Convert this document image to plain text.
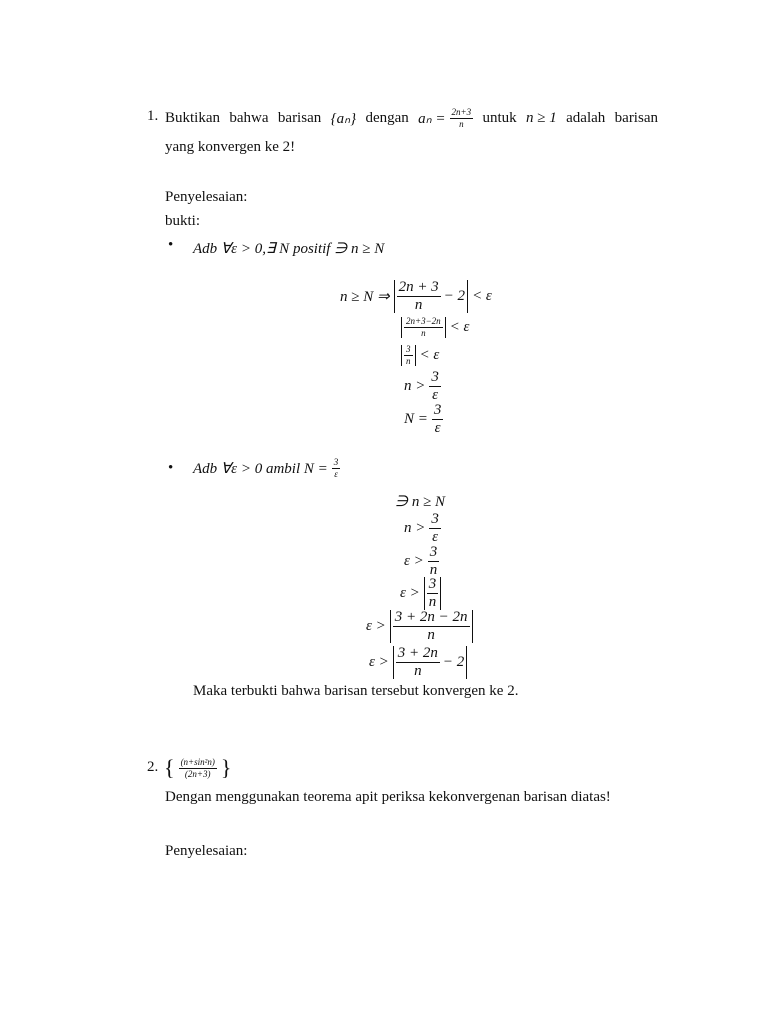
1. Buktikan bahwa barisan {aₙ} dengan $a_n = \frac{2n+3}{n}$ untuk n ≥ 1 adalah barisan
yang konvergen ke 2!
Penyelesaian:
bukti:
• Adb ∀ε > 0,∃ N positif ∋ n ≥ N
n ≥ N ⇒ $\frac{2n + 3}{n} - 2 < \varepsilon$
$\frac{2n+3-2n}{n} < \varepsilon$
$\frac{3}{n} < \varepsilon$
$n > \frac{3}{\varepsilon}$
$N = \frac{3}{\varepsilon}$
• Adb ∀ε > 0 ambil $N = \frac{3}{\varepsilon}$
∋ n ≥ N
$n > \frac{3}{\varepsilon}$
$\varepsilon > \frac{3}{n}$
$\varepsilon > \frac{3}{n}$
$\varepsilon > \frac{3 + 2n - 2n}{n}$
$\varepsilon > \frac{3 + 2n}{n} - 2$
Maka terbukti bahwa barisan tersebut konvergen ke 2.
2. { $\frac{\text{(n+sin²n)}}{(2n+3)}$ }
Dengan menggunakan teorema apit periksa kekonvergenan barisan diatas!
Penyelesaian:
